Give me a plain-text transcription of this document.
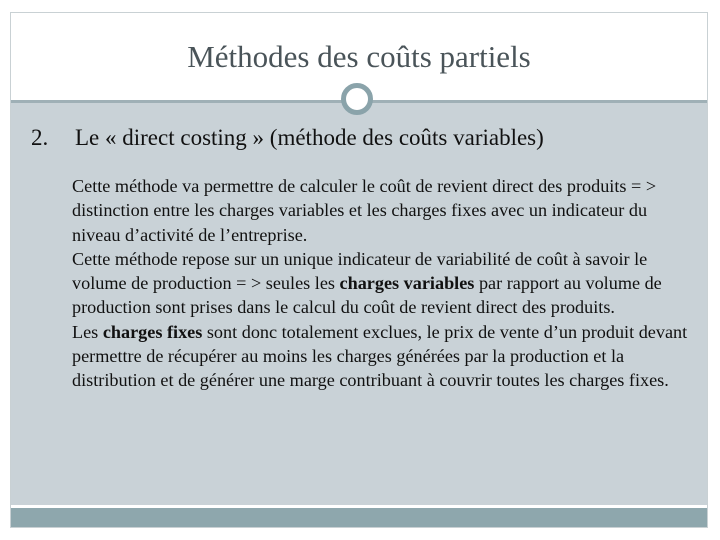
Méthodes des coûts partiels
2. Le « direct costing » (méthode des coûts variables)

Cette méthode va permettre de calculer le coût de revient direct des produits = > distinction entre les charges variables et les charges fixes avec un indicateur du niveau d’activité de l’entreprise.

Cette méthode repose sur un unique indicateur de variabilité de coût à savoir le volume de production = > seules les charges variables par rapport au volume de production sont prises dans le calcul du coût de revient direct des produits.

Les charges fixes sont donc totalement exclues, le prix de vente d’un produit devant permettre de récupérer au moins les charges générées par la production et la distribution et de générer une marge contribuant à couvrir toutes les charges fixes.
